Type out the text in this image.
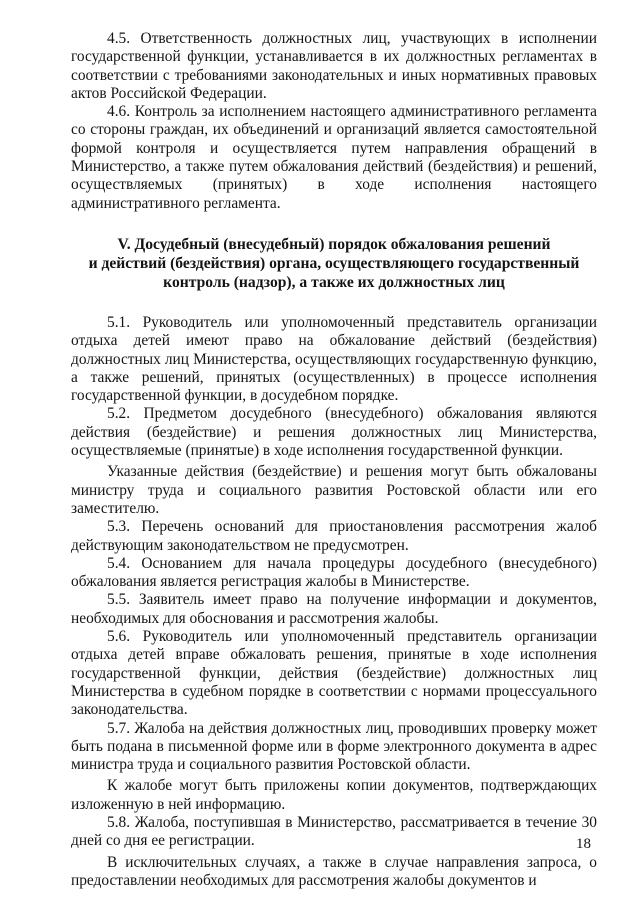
4.5. Ответственность должностных лиц, участвующих в исполнении государственной функции, устанавливается в их должностных регламентах в соответствии с требованиями законодательных и иных нормативных правовых актов Российской Федерации.

4.6. Контроль за исполнением настоящего административного регламента со стороны граждан, их объединений и организаций является самостоятельной формой контроля и осуществляется путем направления обращений в Министерство, а также путем обжалования действий (бездействия) и решений, осуществляемых (принятых) в ходе исполнения настоящего административного регламента.

V. Досудебный (внесудебный) порядок обжалования решений
и действий (бездействия) органа, осуществляющего государственный
контроль (надзор), а также их должностных лиц

5.1. Руководитель или уполномоченный представитель организации отдыха детей имеют право на обжалование действий (бездействия) должностных лиц Министерства, осуществляющих государственную функцию, а также решений, принятых (осуществленных) в процессе исполнения государственной функции, в досудебном порядке.

5.2. Предметом досудебного (внесудебного) обжалования являются действия (бездействие) и решения должностных лиц Министерства, осуществляемые (принятые) в ходе исполнения государственной функции.

Указанные действия (бездействие) и решения могут быть обжалованы министру труда и социального развития Ростовской области или его заместителю.

5.3. Перечень оснований для приостановления рассмотрения жалоб действующим законодательством не предусмотрен.

5.4. Основанием для начала процедуры досудебного (внесудебного) обжалования является регистрация жалобы в Министерстве.

5.5. Заявитель имеет право на получение информации и документов, необходимых для обоснования и рассмотрения жалобы.

5.6. Руководитель или уполномоченный представитель организации отдыха детей вправе обжаловать решения, принятые в ходе исполнения государственной функции, действия (бездействие) должностных лиц Министерства в судебном порядке в соответствии с нормами процессуального законодательства.

5.7. Жалоба на действия должностных лиц, проводивших проверку может быть подана в письменной форме или в форме электронного документа в адрес министра труда и социального развития Ростовской области.

К жалобе могут быть приложены копии документов, подтверждающих изложенную в ней информацию.

5.8. Жалоба, поступившая в Министерство, рассматривается в течение 30 дней со дня ее регистрации.

В исключительных случаях, а также в случае направления запроса, о предоставлении необходимых для рассмотрения жалобы документов и

18
